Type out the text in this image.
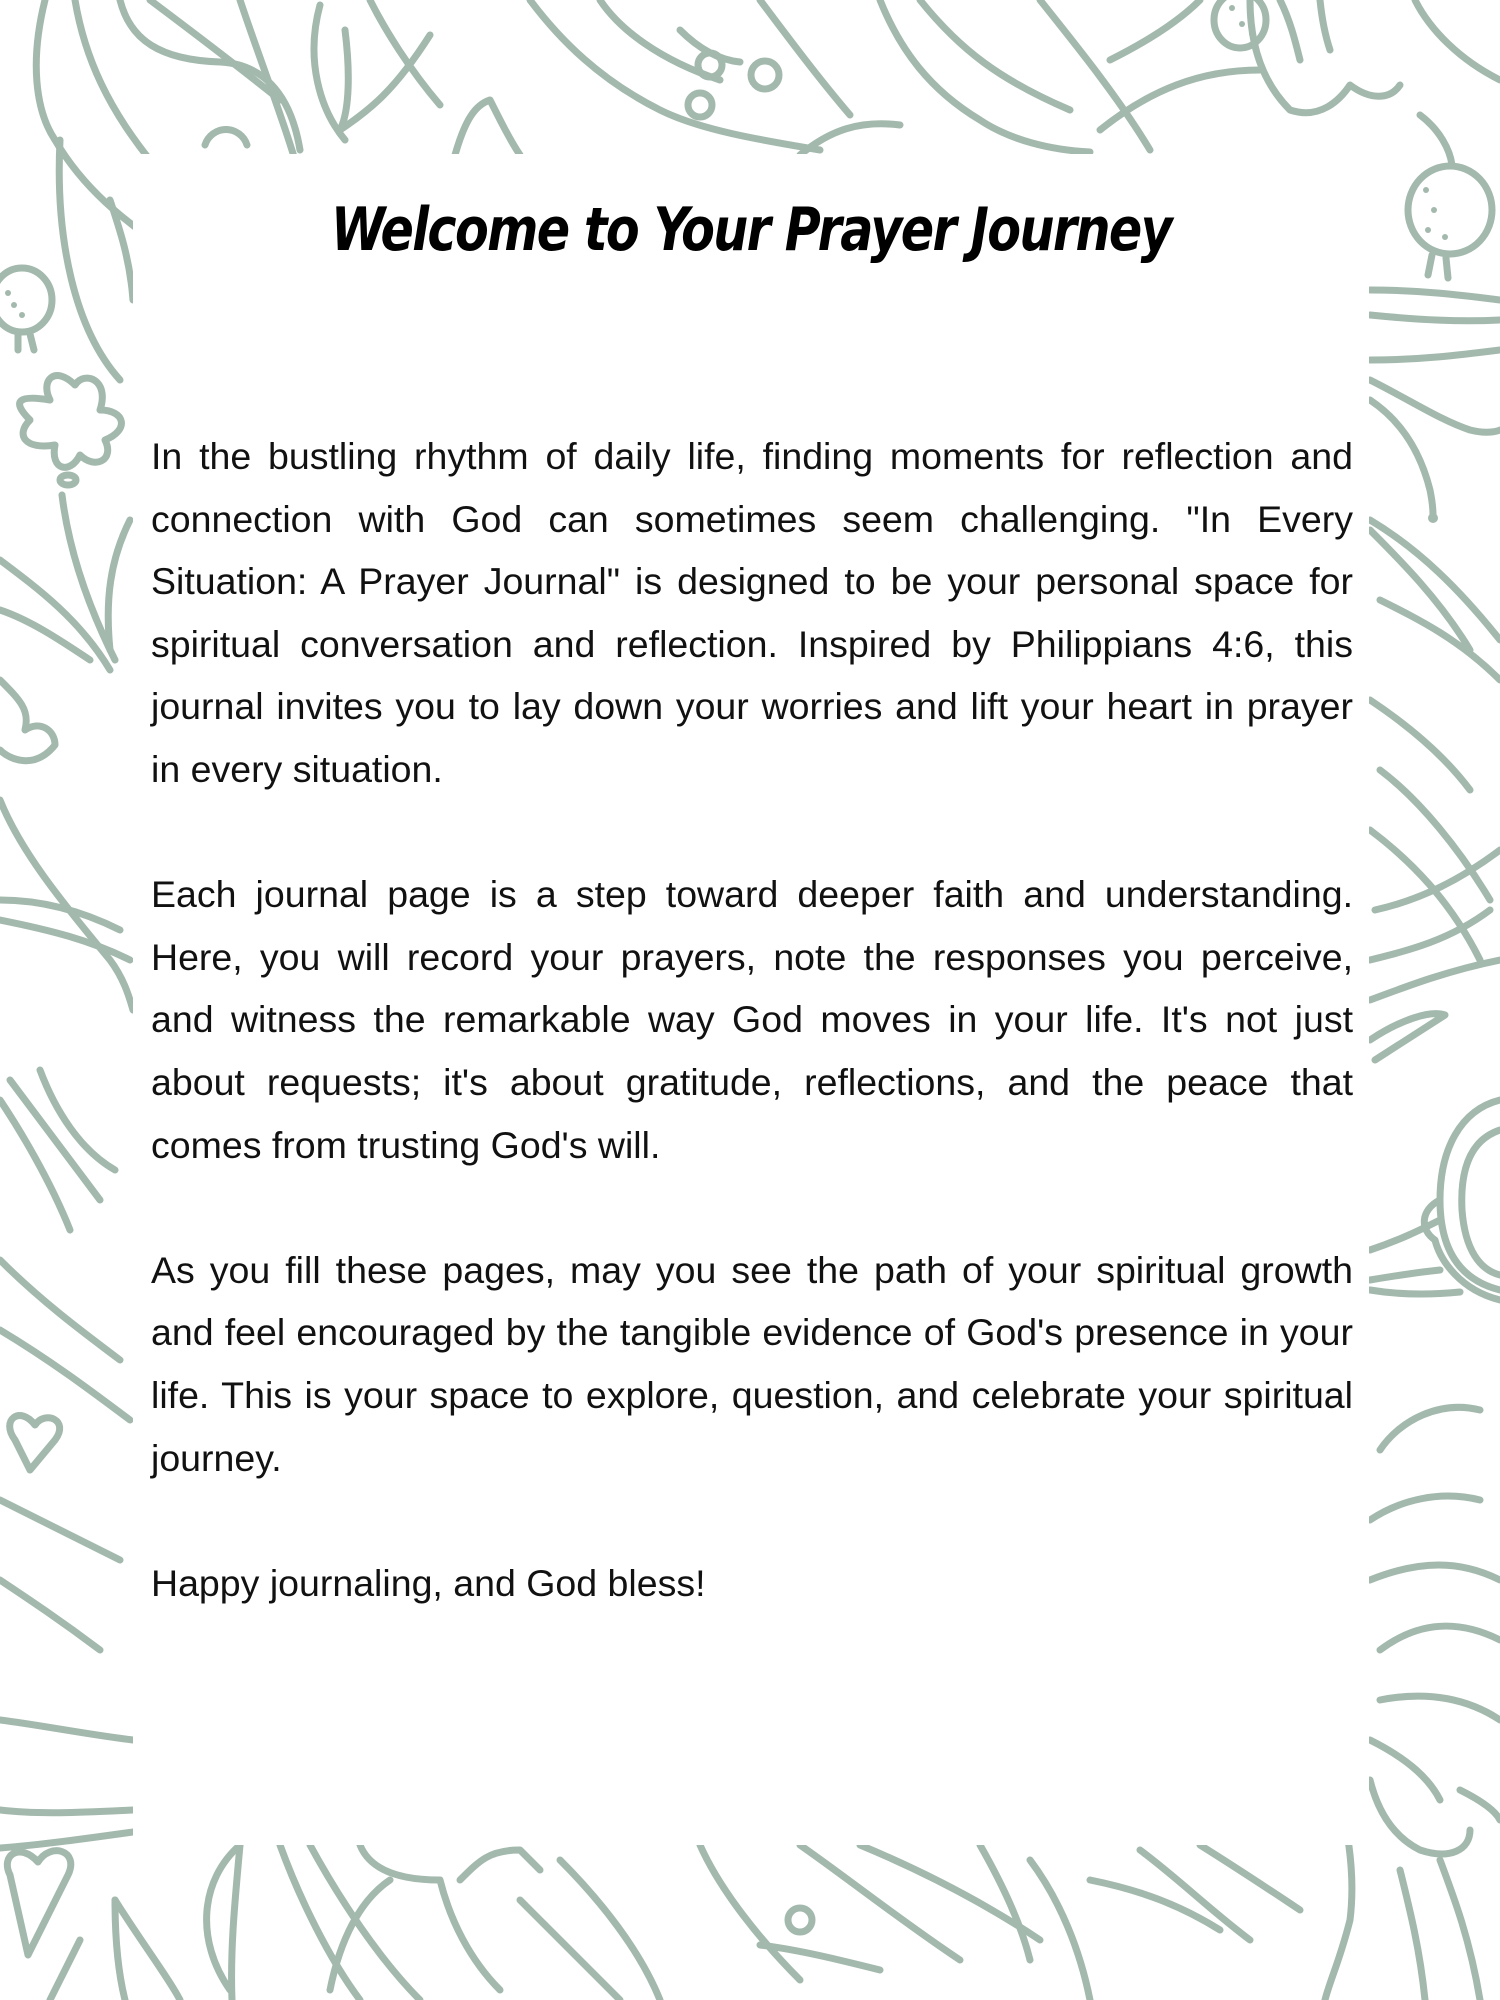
Welcome to Your Prayer Journey

In the bustling rhythm of daily life, finding moments for reflection and connection with God can sometimes seem challenging. "In Every Situation: A Prayer Journal" is designed to be your personal space for spiritual conversation and reflection. Inspired by Philippians 4:6, this journal invites you to lay down your worries and lift your heart in prayer in every situation.

Each journal page is a step toward deeper faith and understanding. Here, you will record your prayers, note the responses you perceive, and witness the remarkable way God moves in your life. It's not just about requests; it's about gratitude, reflections, and the peace that comes from trusting God's will.

As you fill these pages, may you see the path of your spiritual growth and feel encouraged by the tangible evidence of God's presence in your life. This is your space to explore, question, and celebrate your spiritual journey.

Happy journaling, and God bless!
